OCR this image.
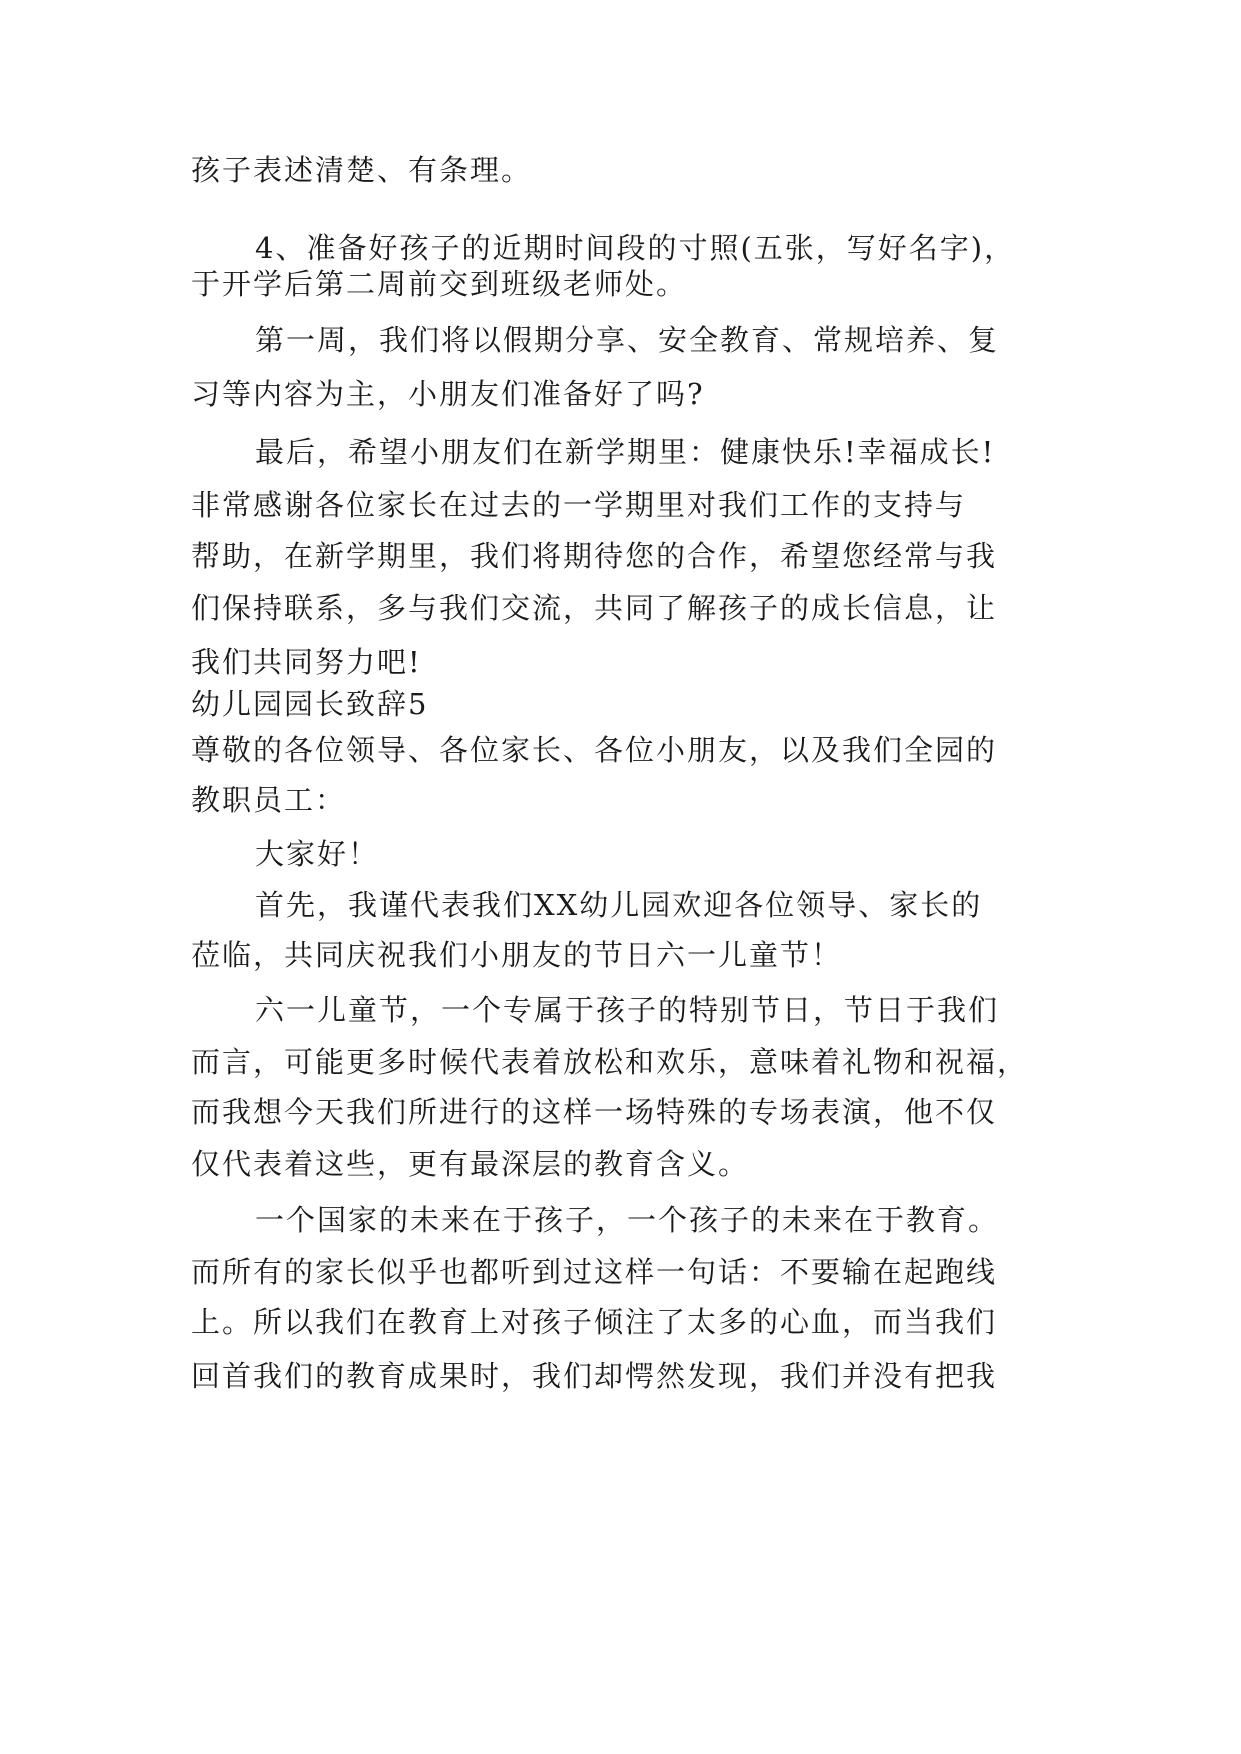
孩子表述清楚、有条理。
4、准备好孩子的近期时间段的寸照(五张，写好名字)，
于开学后第二周前交到班级老师处。
第一周，我们将以假期分享、安全教育、常规培养、复
习等内容为主，小朋友们准备好了吗?
最后，希望小朋友们在新学期里：健康快乐!幸福成长!
非常感谢各位家长在过去的一学期里对我们工作的支持与
帮助，在新学期里，我们将期待您的合作，希望您经常与我
们保持联系，多与我们交流，共同了解孩子的成长信息，让
我们共同努力吧!
幼儿园园长致辞5
尊敬的各位领导、各位家长、各位小朋友，以及我们全园的
教职员工：
大家好！
首先，我谨代表我们XX幼儿园欢迎各位领导、家长的
莅临，共同庆祝我们小朋友的节日六一儿童节！
六一儿童节，一个专属于孩子的特别节日，节日于我们
而言，可能更多时候代表着放松和欢乐，意味着礼物和祝福，
而我想今天我们所进行的这样一场特殊的专场表演，他不仅
仅代表着这些，更有最深层的教育含义。
一个国家的未来在于孩子，一个孩子的未来在于教育。
而所有的家长似乎也都听到过这样一句话：不要输在起跑线
上。所以我们在教育上对孩子倾注了太多的心血，而当我们
回首我们的教育成果时，我们却愕然发现，我们并没有把我
